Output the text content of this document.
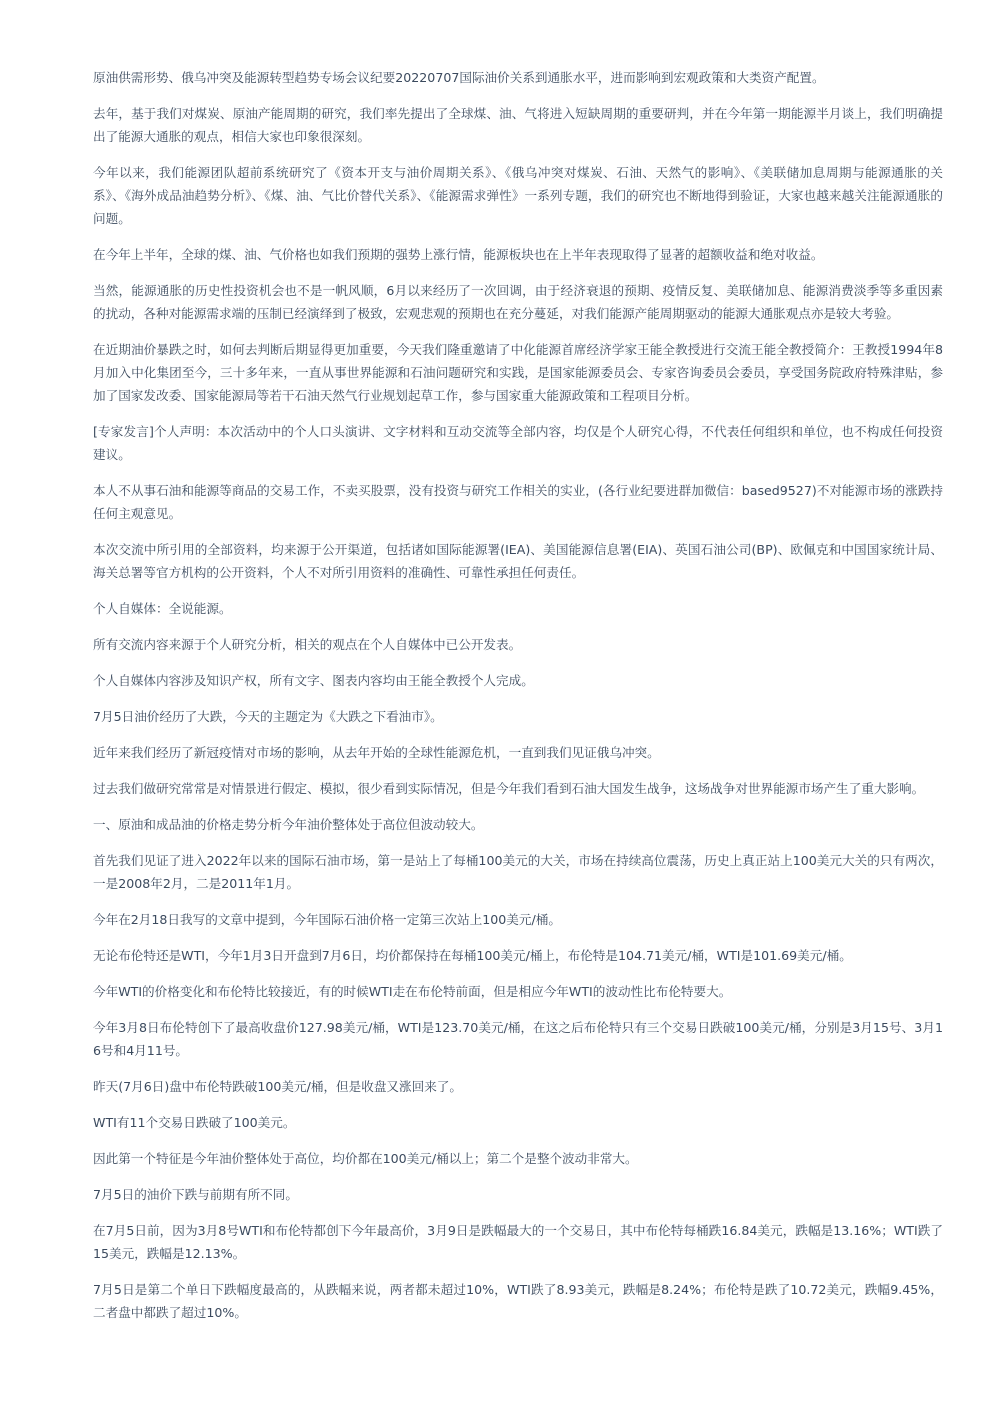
原油供需形势、俄乌冲突及能源转型趋势专场会议纪要20220707国际油价关系到通胀水平，进而影响到宏观政策和大类资产配置。

去年，基于我们对煤炭、原油产能周期的研究，我们率先提出了全球煤、油、气将进入短缺周期的重要研判，并在今年第一期能源半月谈上，我们明确提出了能源大通胀的观点，相信大家也印象很深刻。

今年以来，我们能源团队超前系统研究了《资本开支与油价周期关系》、《俄乌冲突对煤炭、石油、天然气的影响》、《美联储加息周期与能源通胀的关系》、《海外成品油趋势分析》、《煤、油、气比价替代关系》、《能源需求弹性》一系列专题，我们的研究也不断地得到验证，大家也越来越关注能源通胀的问题。

在今年上半年，全球的煤、油、气价格也如我们预期的强势上涨行情，能源板块也在上半年表现取得了显著的超额收益和绝对收益。

当然，能源通胀的历史性投资机会也不是一帆风顺，6月以来经历了一次回调，由于经济衰退的预期、疫情反复、美联储加息、能源消费淡季等多重因素的扰动，各种对能源需求端的压制已经演绎到了极致，宏观悲观的预期也在充分蔓延，对我们能源产能周期驱动的能源大通胀观点亦是较大考验。

在近期油价暴跌之时，如何去判断后期显得更加重要，今天我们隆重邀请了中化能源首席经济学家王能全教授进行交流王能全教授简介：王教授1994年8月加入中化集团至今，三十多年来，一直从事世界能源和石油问题研究和实践，是国家能源委员会、专家咨询委员会委员，享受国务院政府特殊津贴，参加了国家发改委、国家能源局等若干石油天然气行业规划起草工作，参与国家重大能源政策和工程项目分析。

[专家发言]个人声明：本次活动中的个人口头演讲、文字材料和互动交流等全部内容，均仅是个人研究心得，不代表任何组织和单位，也不构成任何投资建议。

本人不从事石油和能源等商品的交易工作，不卖买股票，没有投资与研究工作相关的实业，(各行业纪要进群加微信：based9527)不对能源市场的涨跌持任何主观意见。

本次交流中所引用的全部资料，均来源于公开渠道，包括诸如国际能源署(IEA)、美国能源信息署(EIA)、英国石油公司(BP)、欧佩克和中国国家统计局、海关总署等官方机构的公开资料，个人不对所引用资料的准确性、可靠性承担任何责任。

个人自媒体：全说能源。

所有交流内容来源于个人研究分析，相关的观点在个人自媒体中已公开发表。

个人自媒体内容涉及知识产权，所有文字、图表内容均由王能全教授个人完成。

7月5日油价经历了大跌，今天的主题定为《大跌之下看油市》。

近年来我们经历了新冠疫情对市场的影响，从去年开始的全球性能源危机，一直到我们见证俄乌冲突。

过去我们做研究常常是对情景进行假定、模拟，很少看到实际情况，但是今年我们看到石油大国发生战争，这场战争对世界能源市场产生了重大影响。

一、原油和成品油的价格走势分析今年油价整体处于高位但波动较大。

首先我们见证了进入2022年以来的国际石油市场，第一是站上了每桶100美元的大关，市场在持续高位震荡，历史上真正站上100美元大关的只有两次，一是2008年2月，二是2011年1月。

今年在2月18日我写的文章中提到，今年国际石油价格一定第三次站上100美元/桶。

无论布伦特还是WTI，今年1月3日开盘到7月6日，均价都保持在每桶100美元/桶上，布伦特是104.71美元/桶，WTI是101.69美元/桶。

今年WTI的价格变化和布伦特比较接近，有的时候WTI走在布伦特前面，但是相应今年WTI的波动性比布伦特要大。

今年3月8日布伦特创下了最高收盘价127.98美元/桶，WTI是123.70美元/桶，在这之后布伦特只有三个交易日跌破100美元/桶，分别是3月15号、3月16号和4月11号。

昨天(7月6日)盘中布伦特跌破100美元/桶，但是收盘又涨回来了。

WTI有11个交易日跌破了100美元。

因此第一个特征是今年油价整体处于高位，均价都在100美元/桶以上；第二个是整个波动非常大。

7月5日的油价下跌与前期有所不同。

在7月5日前，因为3月8号WTI和布伦特都创下今年最高价，3月9日是跌幅最大的一个交易日，其中布伦特每桶跌16.84美元，跌幅是13.16%；WTI跌了15美元，跌幅是12.13%。

7月5日是第二个单日下跌幅度最高的，从跌幅来说，两者都未超过10%，WTI跌了8.93美元，跌幅是8.24%；布伦特是跌了10.72美元，跌幅9.45%，二者盘中都跌了超过10%。
